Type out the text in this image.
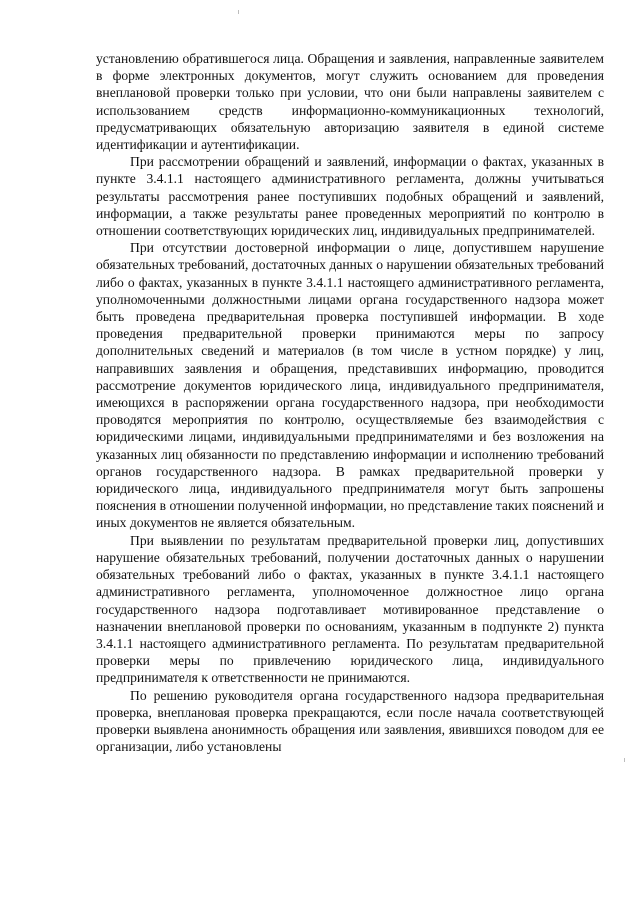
установлению обратившегося лица. Обращения и заявления, направленные заявителем в форме электронных документов, могут служить основанием для проведения внеплановой проверки только при условии, что они были направлены заявителем с использованием средств информационно-коммуникационных технологий, предусматривающих обязательную авторизацию заявителя в единой системе идентификации и аутентификации.

При рассмотрении обращений и заявлений, информации о фактах, указанных в пункте 3.4.1.1 настоящего административного регламента, должны учитываться результаты рассмотрения ранее поступивших подобных обращений и заявлений, информации, а также результаты ранее проведенных мероприятий по контролю в отношении соответствующих юридических лиц, индивидуальных предпринимателей.

При отсутствии достоверной информации о лице, допустившем нарушение обязательных требований, достаточных данных о нарушении обязательных требований либо о фактах, указанных в пункте 3.4.1.1 настоящего административного регламента, уполномоченными должностными лицами органа государственного надзора может быть проведена предварительная проверка поступившей информации. В ходе проведения предварительной проверки принимаются меры по запросу дополнительных сведений и материалов (в том числе в устном порядке) у лиц, направивших заявления и обращения, представивших информацию, проводится рассмотрение документов юридического лица, индивидуального предпринимателя, имеющихся в распоряжении органа государственного надзора, при необходимости проводятся мероприятия по контролю, осуществляемые без взаимодействия с юридическими лицами, индивидуальными предпринимателями и без возложения на указанных лиц обязанности по представлению информации и исполнению требований органов государственного надзора. В рамках предварительной проверки у юридического лица, индивидуального предпринимателя могут быть запрошены пояснения в отношении полученной информации, но представление таких пояснений и иных документов не является обязательным.

При выявлении по результатам предварительной проверки лиц, допустивших нарушение обязательных требований, получении достаточных данных о нарушении обязательных требований либо о фактах, указанных в пункте 3.4.1.1 настоящего административного регламента, уполномоченное должностное лицо органа государственного надзора подготавливает мотивированное представление о назначении внеплановой проверки по основаниям, указанным в подпункте 2) пункта 3.4.1.1 настоящего административного регламента. По результатам предварительной проверки меры по привлечению юридического лица, индивидуального предпринимателя к ответственности не принимаются.

По решению руководителя органа государственного надзора предварительная проверка, внеплановая проверка прекращаются, если после начала соответствующей проверки выявлена анонимность обращения или заявления, явившихся поводом для ее организации, либо установлены
